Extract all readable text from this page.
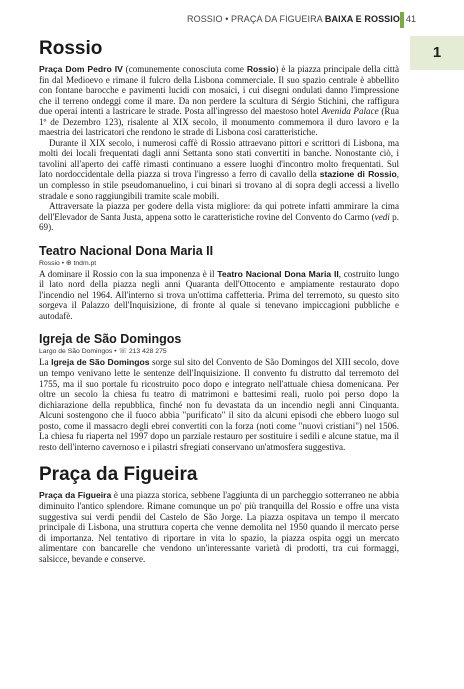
ROSSIO • PRAÇA DA FIGUEIRA BAIXA E ROSSIO 41
1
Rossio

Praça Dom Pedro IV (comunemente conosciuta come Rossio) è la piazza principale della città fin dal Medioevo e rimane il fulcro della Lisbona commerciale. Il suo spazio centrale è abbellito con fontane barocche e pavimenti lucidi con mosaici, i cui disegni ondulati danno l'impressione che il terreno ondeggi come il mare. Da non perdere la scultura di Sérgio Stichini, che raffigura due operai intenti a lastricare le strade. Posta all'ingresso del maestoso hotel Avenida Palace (Rua 1º de Dezembro 123), risalente al XIX secolo, il monumento commemora il duro lavoro e la maestria dei lastricatori che rendono le strade di Lisbona così caratteristiche.

Durante il XIX secolo, i numerosi caffè di Rossio attraevano pittori e scrittori di Lisbona, ma molti dei locali frequentati dagli anni Settanta sono stati convertiti in banche. Nonostante ciò, i tavolini all'aperto dei caffè rimasti continuano a essere luoghi d'incontro molto frequentati. Sul lato nordoccidentale della piazza si trova l'ingresso a ferro di cavallo della stazione di Rossio, un complesso in stile pseudomanuelino, i cui binari si trovano al di sopra degli accessi a livello stradale e sono raggiungibili tramite scale mobili.

Attraversate la piazza per godere della vista migliore: da qui potrete infatti ammirare la cima dell'Elevador de Santa Justa, appena sotto le caratteristiche rovine del Convento do Carmo (vedi p. 69).

Teatro Nacional Dona Maria II
Rossio • ⊕ tndm.pt

A dominare il Rossio con la sua imponenza è il Teatro Nacional Dona Maria II, costruito lungo il lato nord della piazza negli anni Quaranta dell'Ottocento e ampiamente restaurato dopo l'incendio nel 1964. All'interno si trova un'ottima caffetteria. Prima del terremoto, su questo sito sorgeva il Palazzo dell'Inquisizione, di fronte al quale si tenevano impiccagioni pubbliche e autodafè.

Igreja de São Domingos
Largo de São Domingos • ☏ 213 428 275

La Igreja de São Domingos sorge sul sito del Convento de São Domingos del XIII secolo, dove un tempo venivano lette le sentenze dell'Inquisizione. Il convento fu distrutto dal terremoto del 1755, ma il suo portale fu ricostruito poco dopo e integrato nell'attuale chiesa domenicana. Per oltre un secolo la chiesa fu teatro di matrimoni e battesimi reali, ruolo poi perso dopo la dichiarazione della repubblica, finché non fu devastata da un incendio negli anni Cinquanta. Alcuni sostengono che il fuoco abbia "purificato" il sito da alcuni episodi che ebbero luogo sul posto, come il massacro degli ebrei convertiti con la forza (noti come "nuovi cristiani") nel 1506. La chiesa fu riaperta nel 1997 dopo un parziale restauro per sostituire i sedili e alcune statue, ma il resto dell'interno cavernoso e i pilastri sfregiati conservano un'atmosfera suggestiva.

Praça da Figueira

Praça da Figueira è una piazza storica, sebbene l'aggiunta di un parcheggio sotterraneo ne abbia diminuito l'antico splendore. Rimane comunque un po' più tranquilla del Rossio e offre una vista suggestiva sui verdi pendii del Castelo de São Jorge. La piazza ospitava un tempo il mercato principale di Lisbona, una struttura coperta che venne demolita nel 1950 quando il mercato perse di importanza. Nel tentativo di riportare in vita lo spazio, la piazza ospita oggi un mercato alimentare con bancarelle che vendono un'interessante varietà di prodotti, tra cui formaggi, salsicce, bevande e conserve.
